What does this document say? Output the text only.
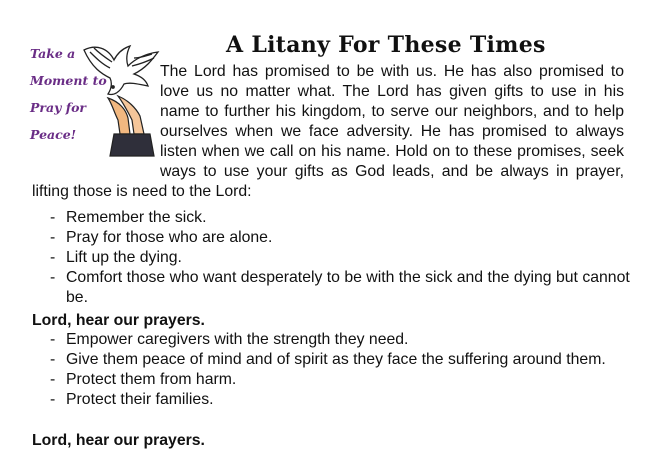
A Litany For These Times
Take a
Moment to
Pray for
Peace!
The Lord has promised to be with us. He has also promised to love us no matter what. The Lord has given gifts to use in his name to further his kingdom, to serve our neighbors, and to help ourselves when we face adversity. He has promised to always listen when we call on his name. Hold on to these promises, seek ways to use your gifts as God leads, and be always in prayer, lifting those is need to the Lord:
- Remember the sick.
- Pray for those who are alone.
- Lift up the dying.
- Comfort those who want desperately to be with the sick and the dying but cannot be.
Lord, hear our prayers.
- Empower caregivers with the strength they need.
- Give them peace of mind and of spirit as they face the suffering around them.
- Protect them from harm.
- Protect their families.
Lord, hear our prayers.
